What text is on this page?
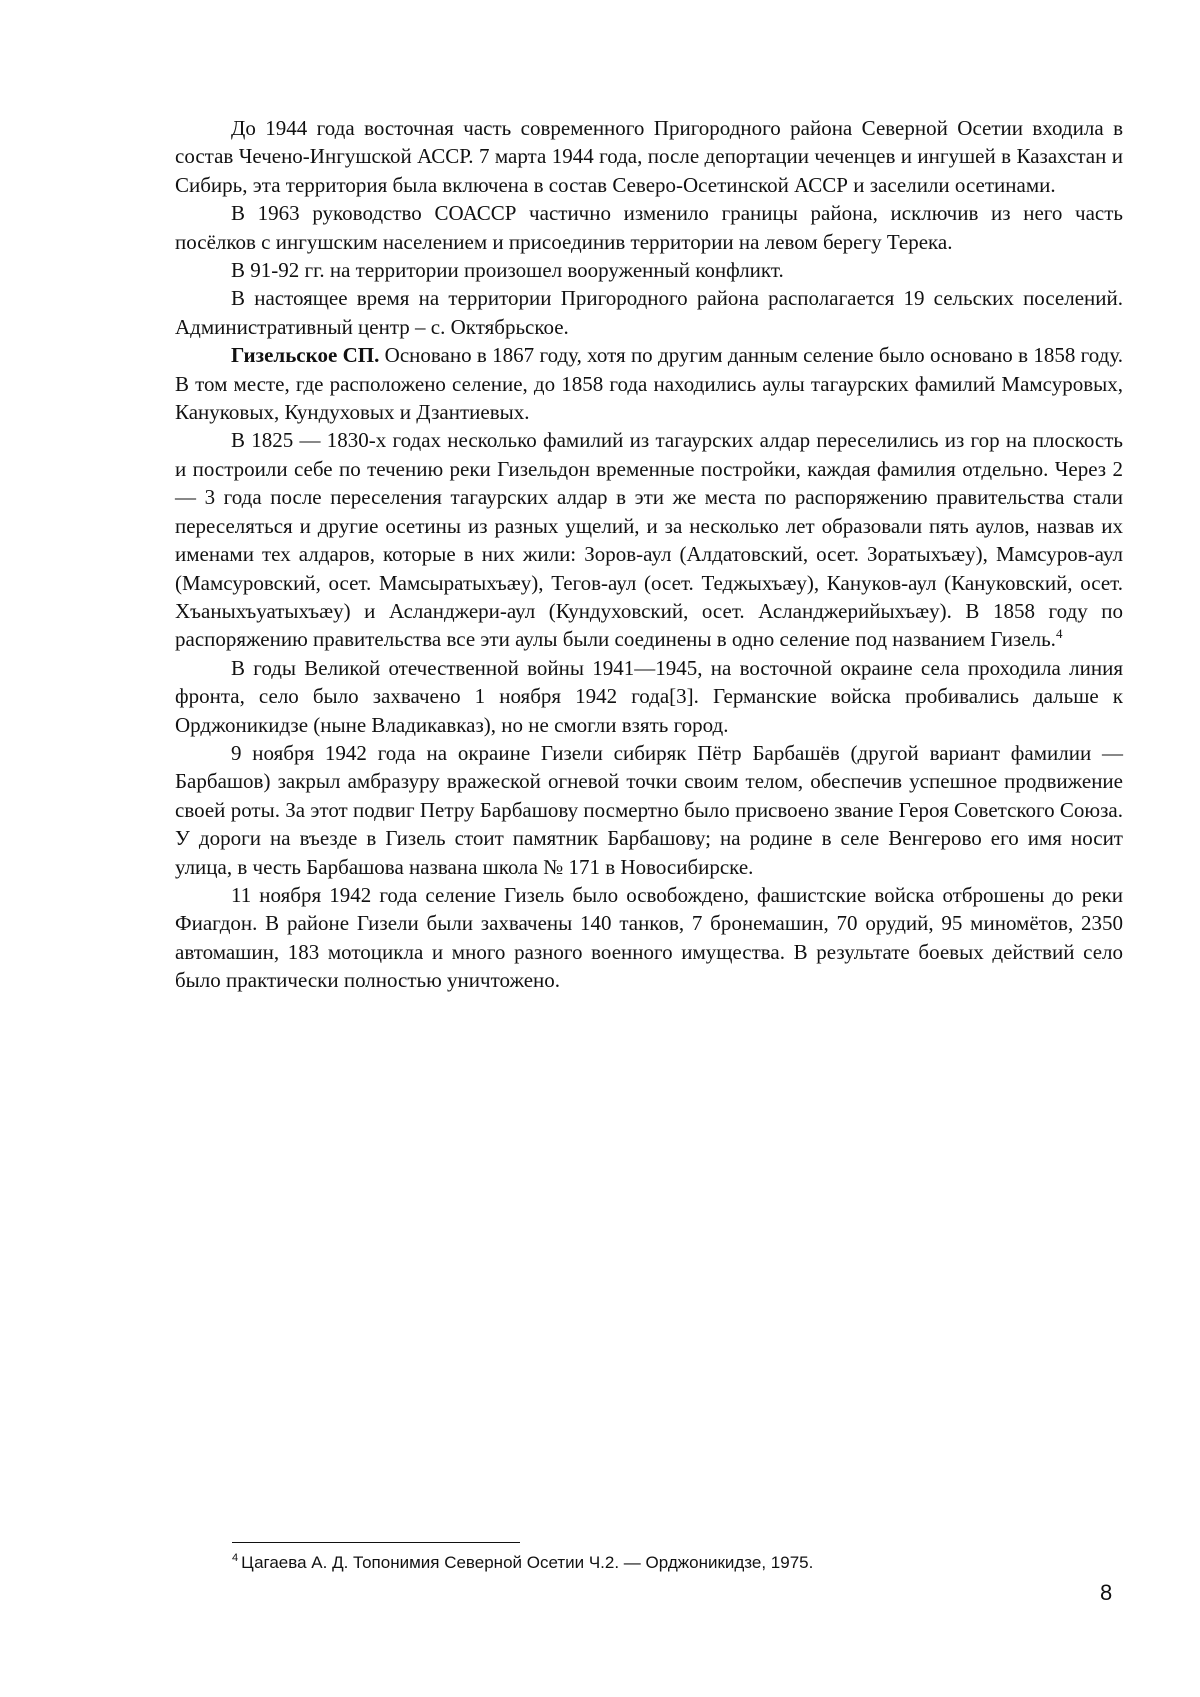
До 1944 года восточная часть современного Пригородного района Северной Осетии входила в состав Чечено-Ингушской АССР. 7 марта 1944 года, после депортации чеченцев и ингушей в Казахстан и Сибирь, эта территория была включена в состав Северо-Осетинской АССР и заселили осетинами.

В 1963 руководство СОАССР частично изменило границы района, исключив из него часть посёлков с ингушским населением и присоединив территории на левом берегу Терека.

В 91-92 гг. на территории произошел вооруженный конфликт.

В настоящее время на территории Пригородного района располагается 19 сельских поселений. Административный центр – с. Октябрьское.

Гизельское СП. Основано в 1867 году, хотя по другим данным селение было основано в 1858 году. В том месте, где расположено селение, до 1858 года находились аулы тагаурских фамилий Мамсуровых, Кануковых, Кундуховых и Дзантиевых.

В 1825 — 1830-х годах несколько фамилий из тагаурских алдар переселились из гор на плоскость и построили себе по течению реки Гизельдон временные постройки, каждая фамилия отдельно. Через 2 — 3 года после переселения тагаурских алдар в эти же места по распоряжению правительства стали переселяться и другие осетины из разных ущелий, и за несколько лет образовали пять аулов, назвав их именами тех алдаров, которые в них жили: Зоров-аул (Алдатовский, осет. Зоратыхъæу), Мамсуров-аул (Мамсуровский, осет. Мамсыратыхъæу), Тегов-аул (осет. Теджыхъæу), Кануков-аул (Кануковский, осет. Хъаныхъуатыхъæу) и Асланджери-аул (Кундуховский, осет. Асланджерийыхъæу). В 1858 году по распоряжению правительства все эти аулы были соединены в одно селение под названием Гизель.$^4$

В годы Великой отечественной войны 1941—1945, на восточной окраине села проходила линия фронта, село было захвачено 1 ноября 1942 года[3]. Германские войска пробивались дальше к Орджоникидзе (ныне Владикавказ), но не смогли взять город.

9 ноября 1942 года на окраине Гизели сибиряк Пётр Барбашёв (другой вариант фамилии — Барбашов) закрыл амбразуру вражеской огневой точки своим телом, обеспечив успешное продвижение своей роты. За этот подвиг Петру Барбашову посмертно было присвоено звание Героя Советского Союза. У дороги на въезде в Гизель стоит памятник Барбашову; на родине в селе Венгерово его имя носит улица, в честь Барбашова названа школа № 171 в Новосибирске.

11 ноября 1942 года селение Гизель было освобождено, фашистские войска отброшены до реки Фиагдон. В районе Гизели были захвачены 140 танков, 7 бронемашин, 70 орудий, 95 миномётов, 2350 автомашин, 183 мотоцикла и много разного военного имущества. В результате боевых действий село было практически полностью уничтожено.

$^4$ Цагаева А. Д. Топонимия Северной Осетии Ч.2. — Орджоникидзе, 1975.
8
